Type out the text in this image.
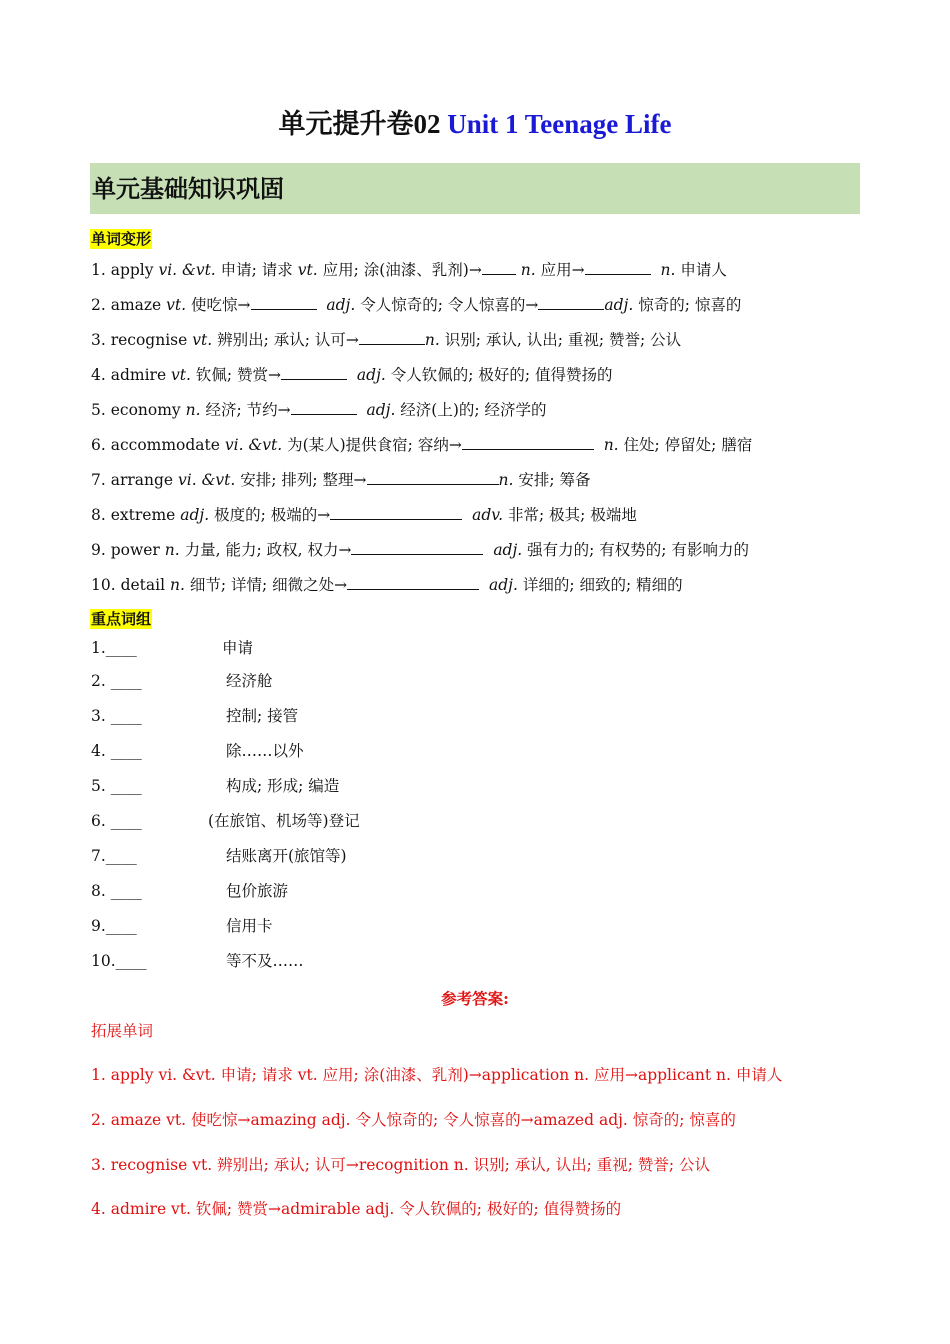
单元提升卷02 Unit 1 Teenage Life
单元基础知识巩固
单词变形
1. apply vi. &vt. 申请; 请求 vt. 应用; 涂(油漆、乳剂)→	n. 应用→	n. 申请人
2. amaze vt. 使吃惊→	adj. 令人惊奇的; 令人惊喜的→	adj. 惊奇的; 惊喜的
3. recognise vt. 辨别出; 承认; 认可→	n. 识别; 承认, 认出; 重视; 赞誉; 公认
4. admire vt. 钦佩; 赞赏→	adj. 令人钦佩的; 极好的; 值得赞扬的
5. economy n. 经济; 节约→	adj. 经济(上)的; 经济学的
6. accommodate vi. &vt. 为(某人)提供食宿; 容纳→	n. 住处; 停留处; 膳宿
7. arrange vi. &vt. 安排; 排列; 整理→	n. 安排; 筹备
8. extreme adj. 极度的; 极端的→	adv. 非常; 极其; 极端地
9. power n. 力量, 能力; 政权, 权力→	adj. 强有力的; 有权势的; 有影响力的
10. detail n. 细节; 详情; 细微之处→	adj. 详细的; 细致的; 精细的
重点词组
1.____	申请
2. ____	经济舱
3. ____	控制; 接管
4. ____	除……以外
5. ____	构成; 形成; 编造
6. ____	(在旅馆、机场等)登记
7.____	结账离开(旅馆等)
8. ____	包价旅游
9.____	信用卡
10.____	等不及……
参考答案:
拓展单词
1. apply vi. &vt. 申请; 请求 vt. 应用; 涂(油漆、乳剂)→application n. 应用→applicant n. 申请人
2. amaze vt. 使吃惊→amazing adj. 令人惊奇的; 令人惊喜的→amazed adj. 惊奇的; 惊喜的
3. recognise vt. 辨别出; 承认; 认可→recognition n. 识别; 承认, 认出; 重视; 赞誉; 公认
4. admire vt. 钦佩; 赞赏→admirable adj. 令人钦佩的; 极好的; 值得赞扬的
